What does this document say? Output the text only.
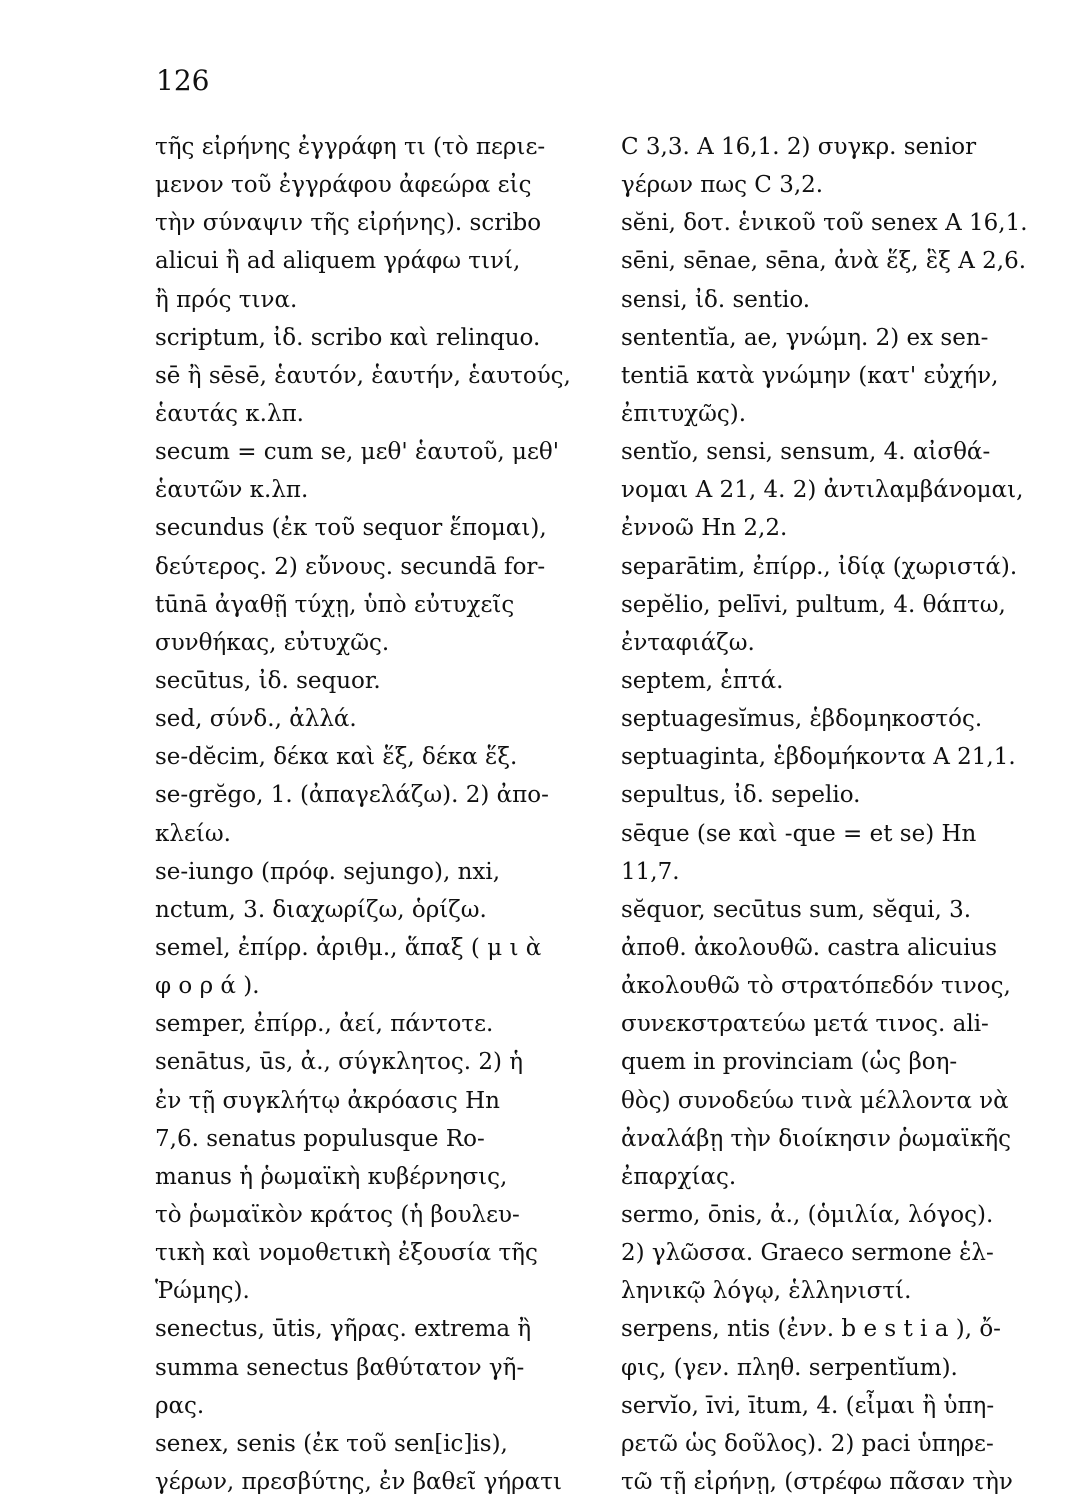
126
τῆς εἰρήνης ἐγγράφη τι (τὸ περιε-
μενον τοῦ ἐγγράφου ἀφεώρα εἰς
τὴν σύναψιν τῆς εἰρήνης). scribo
alicui ἢ ad aliquem γράφω τινί,
ἢ πρός τινα.
scriptum, ἰδ. scribo καὶ relinquo.
sē ἢ sēsē, ἑαυτόν, ἑαυτήν, ἑαυτούς,
ἑαυτάς κ.λπ.
secum = cum se, μεθ' ἑαυτοῦ, μεθ'
ἑαυτῶν κ.λπ.
secundus (ἐκ τοῦ sequor ἕπομαι),
δεύτερος. 2) εὔνους. secundā for-
tūnā ἀγαθῇ τύχῃ, ὑπὸ εὐτυχεῖς
συνθήκας, εὐτυχῶς.
secūtus, ἰδ. sequor.
sed, σύνδ., ἀλλά.
se-dĕcim, δέκα καὶ ἕξ, δέκα ἕξ.
se-grĕgo, 1. (ἀπαγελάζω). 2) ἀπο-
κλείω.
se-iungo (πρόφ. sejungo), nxi,
nctum, 3. διαχωρίζω, ὁρίζω.
semel, ἐπίρρ. ἀριθμ., ἅπαξ ( μ ι ὰ
φ ο ρ ά ).
semper, ἐπίρρ., ἀεί, πάντοτε.
senātus, ūs, ἀ., σύγκλητος. 2) ἡ
ἐν τῇ συγκλήτῳ ἀκρόασις Hn
7,6. senatus populusque Ro-
manus ἡ ῥωμαϊκὴ κυβέρνησις,
τὸ ῥωμαϊκὸν κράτος (ἡ βουλευ-
τικὴ καὶ νομοθετικὴ ἐξουσία τῆς
Ῥώμης).
senectus, ūtis, γῆρας. extrema ἢ
summa senectus βαθύτατον γῆ-
ρας.
senex, senis (ἐκ τοῦ sen[ic]is),
γέρων, πρεσβύτης, ἐν βαθεῖ γήρατι
C 3,3. A 16,1. 2) συγκρ. senior
γέρων πως C 3,2.
sĕni, δοτ. ἑνικοῦ τοῦ senex A 16,1.
sēni, sēnae, sēna, ἀνὰ ἕξ, ἓξ A 2,6.
sensi, ἰδ. sentio.
sententĭa, ae, γνώμη. 2) ex sen-
tentiā κατὰ γνώμην (κατ' εὐχήν,
ἐπιτυχῶς).
sentĭo, sensi, sensum, 4. αἰσθά-
νομαι A 21, 4. 2) ἀντιλαμβάνομαι,
ἐννοῶ Hn 2,2.
separātim, ἐπίρρ., ἰδίᾳ (χωριστά).
sepĕlio, pelīvi, pultum, 4. θάπτω,
ἐνταφιάζω.
septem, ἑπτά.
septuagesĭmus, ἑβδομηκοστός.
septuaginta, ἑβδομήκοντα A 21,1.
sepultus, ἰδ. sepelio.
sēque (se καὶ -que = et se) Hn
11,7.
sĕquor, secūtus sum, sĕqui, 3.
ἀποθ. ἀκολουθῶ. castra alicuius
ἀκολουθῶ τὸ στρατόπεδόν τινος,
συνεκστρατεύω μετά τινος. ali-
quem in provinciam (ὡς βοη-
θὸς) συνοδεύω τινὰ μέλλοντα νὰ
ἀναλάβῃ τὴν διοίκησιν ῥωμαϊκῆς
ἐπαρχίας.
sermo, ōnis, ἀ., (ὁμιλία, λόγος).
2) γλῶσσα. Graeco sermone ἑλ-
ληνικῷ λόγῳ, ἑλληνιστί.
serpens, ntis (ἐνν. b e s t i a ), ὄ-
φις, (γεν. πληθ. serpentĭum).
servĭo, īvi, ītum, 4. (εἶμαι ἢ ὑπη-
ρετῶ ὡς δοῦλος). 2) paci ὑπηρε-
τῶ τῇ εἰρήνῃ, (στρέφω πᾶσαν τὴν
